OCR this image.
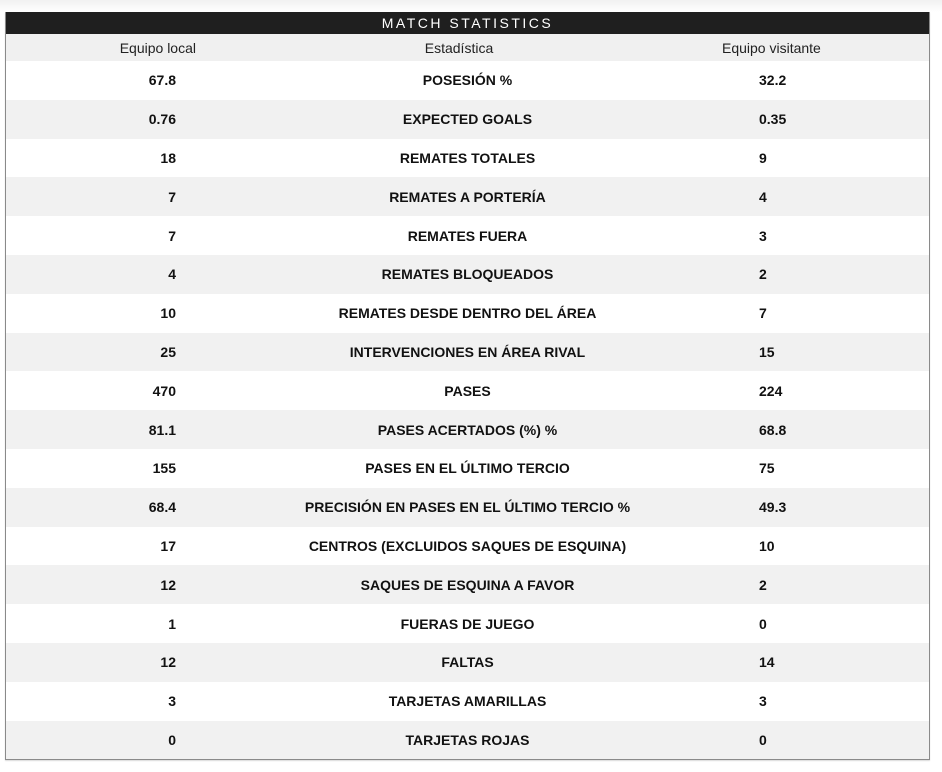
MATCH STATISTICS
Equipo local	Estadística	Equipo visitante
67.8	POSESIÓN %	32.2
0.76	EXPECTED GOALS	0.35
18	REMATES TOTALES	9
7	REMATES A PORTERÍA	4
7	REMATES FUERA	3
4	REMATES BLOQUEADOS	2
10	REMATES DESDE DENTRO DEL ÁREA	7
25	INTERVENCIONES EN ÁREA RIVAL	15
470	PASES	224
81.1	PASES ACERTADOS (%) %	68.8
155	PASES EN EL ÚLTIMO TERCIO	75
68.4	PRECISIÓN EN PASES EN EL ÚLTIMO TERCIO %	49.3
17	CENTROS (EXCLUIDOS SAQUES DE ESQUINA)	10
12	SAQUES DE ESQUINA A FAVOR	2
1	FUERAS DE JUEGO	0
12	FALTAS	14
3	TARJETAS AMARILLAS	3
0	TARJETAS ROJAS	0
